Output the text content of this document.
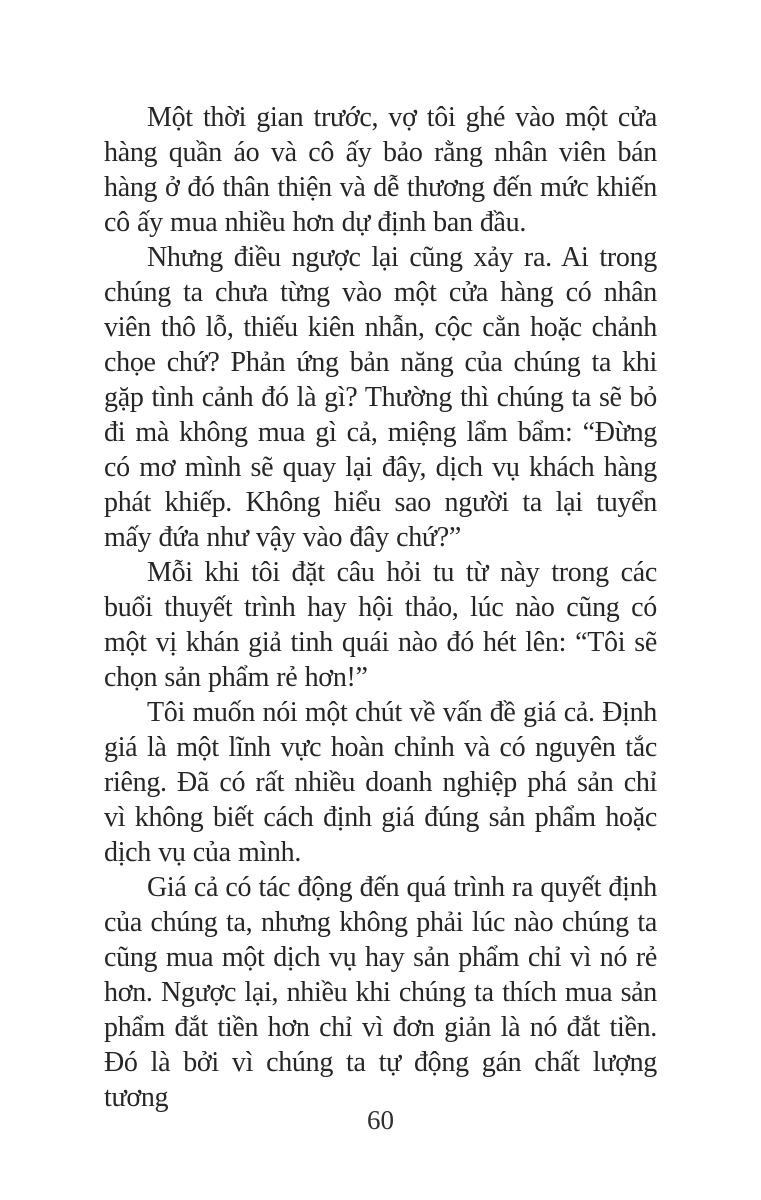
Một thời gian trước, vợ tôi ghé vào một cửa hàng quần áo và cô ấy bảo rằng nhân viên bán hàng ở đó thân thiện và dễ thương đến mức khiến cô ấy mua nhiều hơn dự định ban đầu.

Nhưng điều ngược lại cũng xảy ra. Ai trong chúng ta chưa từng vào một cửa hàng có nhân viên thô lỗ, thiếu kiên nhẫn, cộc cằn hoặc chảnh chọe chứ? Phản ứng bản năng của chúng ta khi gặp tình cảnh đó là gì? Thường thì chúng ta sẽ bỏ đi mà không mua gì cả, miệng lẩm bẩm: “Đừng có mơ mình sẽ quay lại đây, dịch vụ khách hàng phát khiếp. Không hiểu sao người ta lại tuyển mấy đứa như vậy vào đây chứ?”

Mỗi khi tôi đặt câu hỏi tu từ này trong các buổi thuyết trình hay hội thảo, lúc nào cũng có một vị khán giả tinh quái nào đó hét lên: “Tôi sẽ chọn sản phẩm rẻ hơn!”

Tôi muốn nói một chút về vấn đề giá cả. Định giá là một lĩnh vực hoàn chỉnh và có nguyên tắc riêng. Đã có rất nhiều doanh nghiệp phá sản chỉ vì không biết cách định giá đúng sản phẩm hoặc dịch vụ của mình.

Giá cả có tác động đến quá trình ra quyết định của chúng ta, nhưng không phải lúc nào chúng ta cũng mua một dịch vụ hay sản phẩm chỉ vì nó rẻ hơn. Ngược lại, nhiều khi chúng ta thích mua sản phẩm đắt tiền hơn chỉ vì đơn giản là nó đắt tiền. Đó là bởi vì chúng ta tự động gán chất lượng tương

60
